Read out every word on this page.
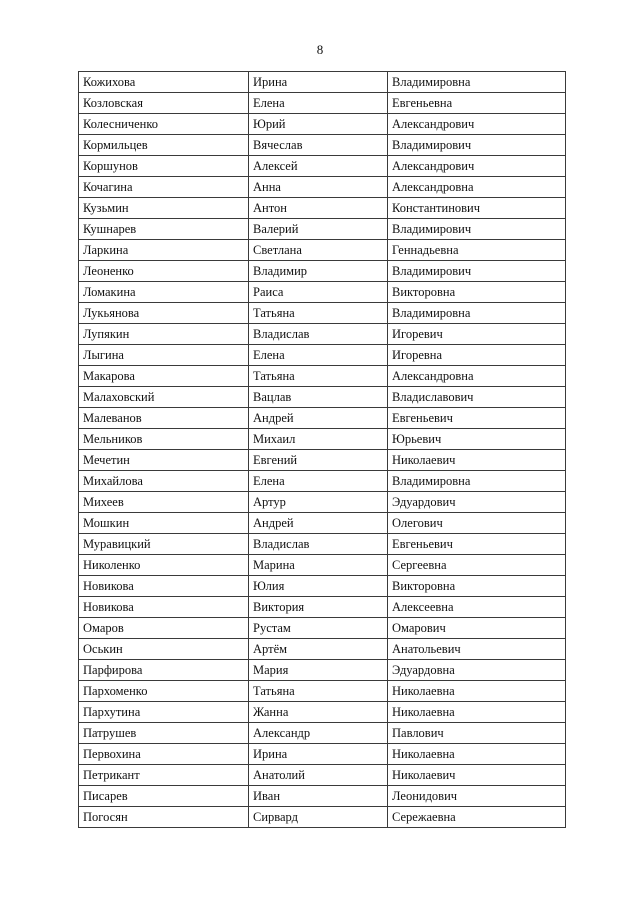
8
Кожихова	Ирина	Владимировна
Козловская	Елена	Евгеньевна
Колесниченко	Юрий	Александрович
Кормильцев	Вячеслав	Владимирович
Коршунов	Алексей	Александрович
Кочагина	Анна	Александровна
Кузьмин	Антон	Константинович
Кушнарев	Валерий	Владимирович
Ларкина	Светлана	Геннадьевна
Леоненко	Владимир	Владимирович
Ломакина	Раиса	Викторовна
Лукьянова	Татьяна	Владимировна
Лупякин	Владислав	Игоревич
Лыгина	Елена	Игоревна
Макарова	Татьяна	Александровна
Малаховский	Вацлав	Владиславович
Малеванов	Андрей	Евгеньевич
Мельников	Михаил	Юрьевич
Мечетин	Евгений	Николаевич
Михайлова	Елена	Владимировна
Михеев	Артур	Эдуардович
Мошкин	Андрей	Олегович
Муравицкий	Владислав	Евгеньевич
Николенко	Марина	Сергеевна
Новикова	Юлия	Викторовна
Новикова	Виктория	Алексеевна
Омаров	Рустам	Омарович
Оськин	Артём	Анатольевич
Парфирова	Мария	Эдуардовна
Пархоменко	Татьяна	Николаевна
Пархутина	Жанна	Николаевна
Патрушев	Александр	Павлович
Первохина	Ирина	Николаевна
Петрикант	Анатолий	Николаевич
Писарев	Иван	Леонидович
Погосян	Сирвард	Сережаевна
